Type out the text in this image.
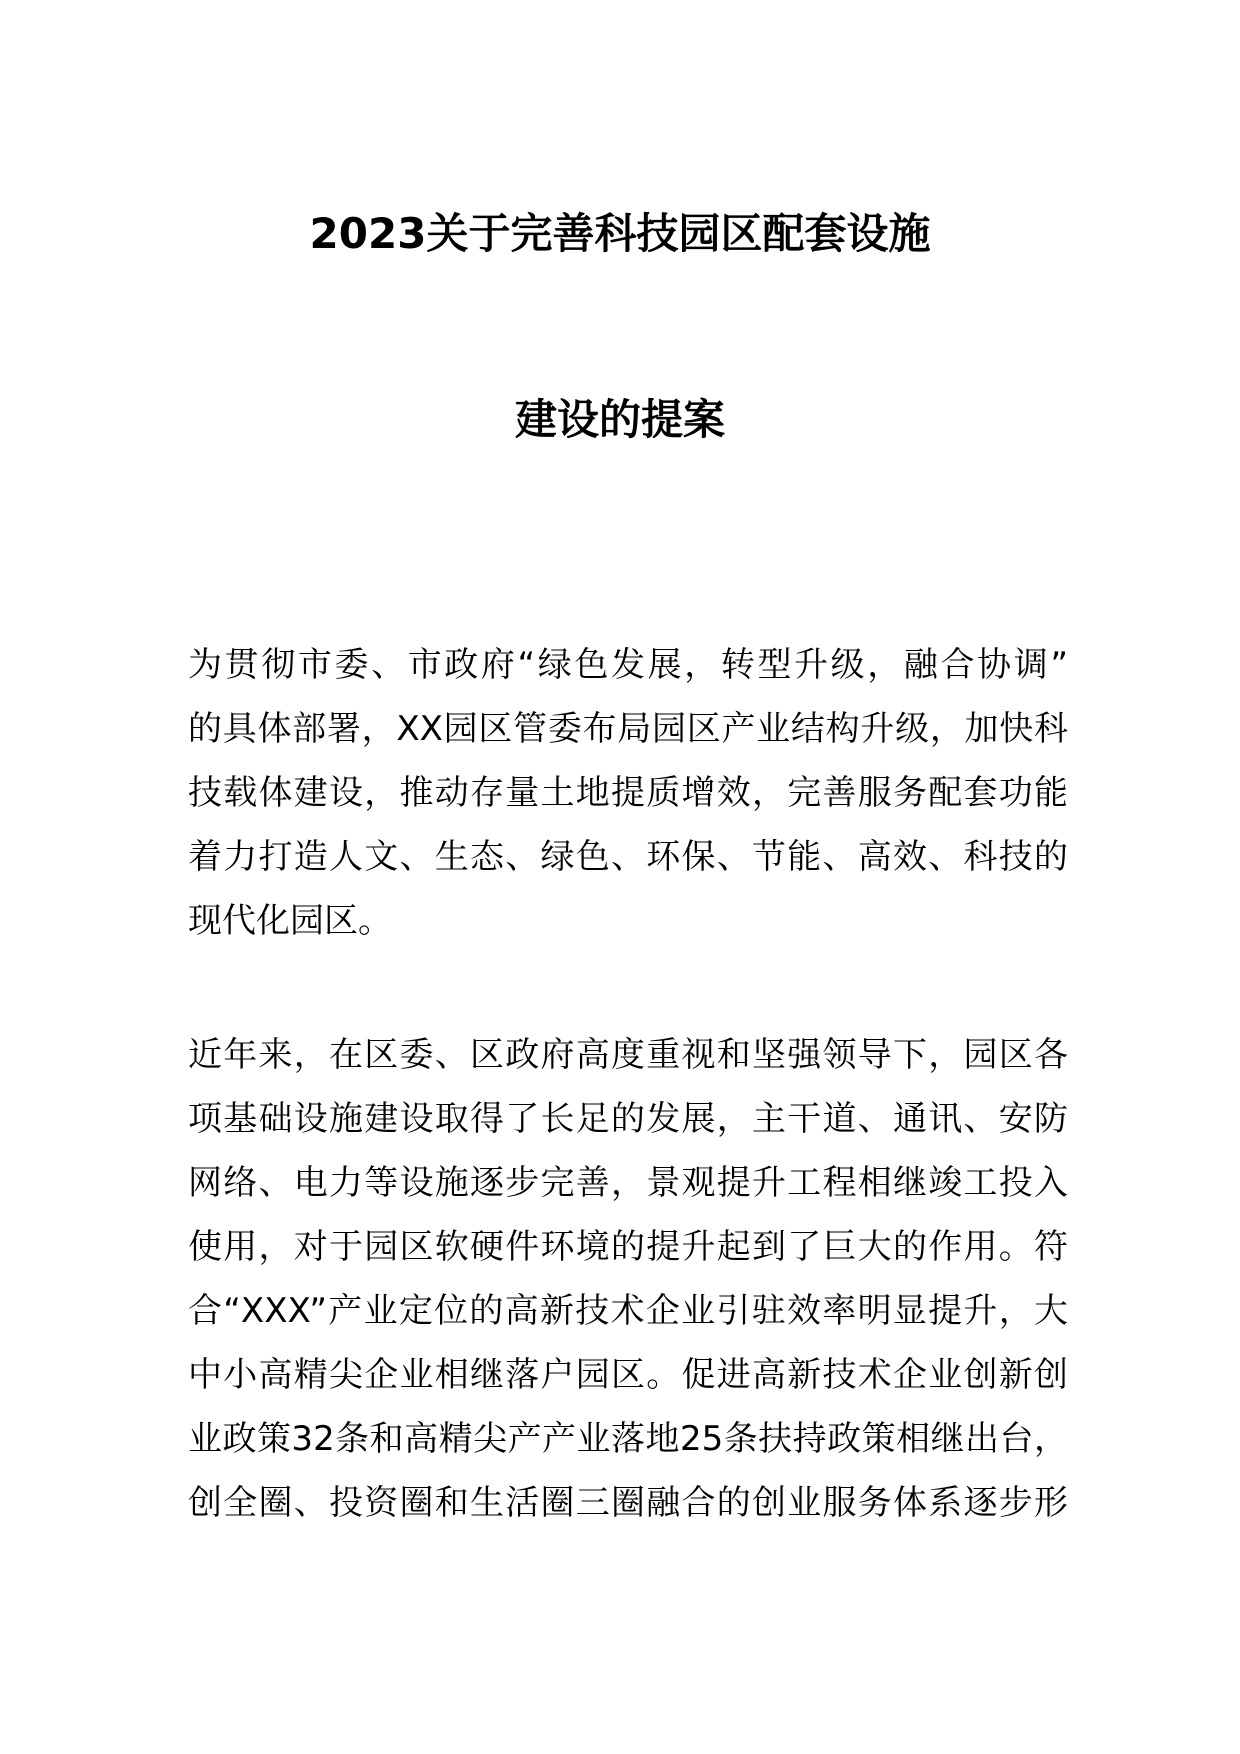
2023关于完善科技园区配套设施
建设的提案
为贯彻市委、市政府“绿色发展，转型升级，融合协调”
的具体部署，XX园区管委布局园区产业结构升级，加快科
技载体建设，推动存量土地提质增效，完善服务配套功能
着力打造人文、生态、绿色、环保、节能、高效、科技的
现代化园区。
近年来，在区委、区政府高度重视和坚强领导下，园区各
项基础设施建设取得了长足的发展，主干道、通讯、安防
网络、电力等设施逐步完善，景观提升工程相继竣工投入
使用，对于园区软硬件环境的提升起到了巨大的作用。符
合“XXX”产业定位的高新技术企业引驻效率明显提升，大
中小高精尖企业相继落户园区。促进高新技术企业创新创
业政策32条和高精尖产产业落地25条扶持政策相继出台，
创全圈、投资圈和生活圈三圈融合的创业服务体系逐步形
